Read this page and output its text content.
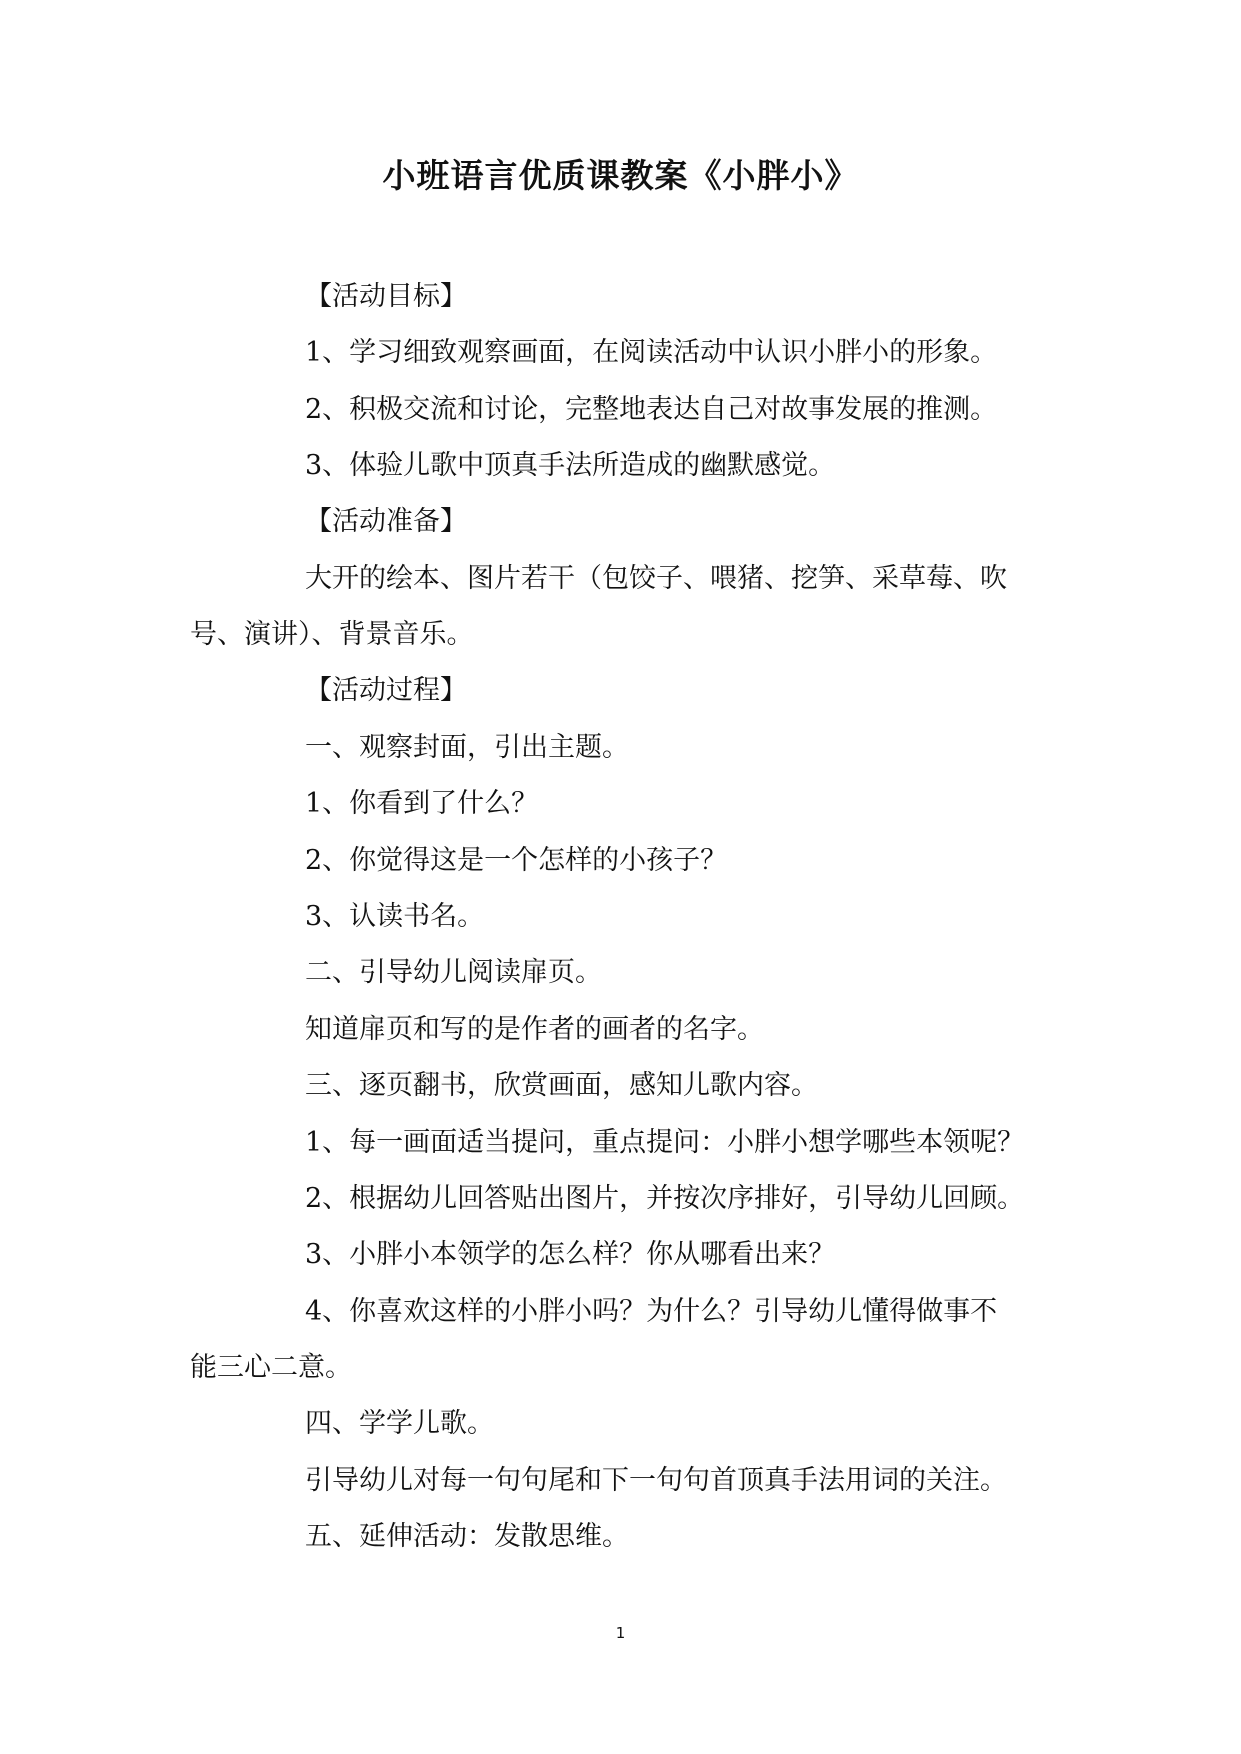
小班语言优质课教案《小胖小》
【活动目标】
1、学习细致观察画面，在阅读活动中认识小胖小的形象。
2、积极交流和讨论，完整地表达自己对故事发展的推测。
3、体验儿歌中顶真手法所造成的幽默感觉。
【活动准备】
大开的绘本、图片若干（包饺子、喂猪、挖笋、采草莓、吹
号、演讲）、背景音乐。
【活动过程】
一、观察封面，引出主题。
1、你看到了什么？
2、你觉得这是一个怎样的小孩子？
3、认读书名。
二、引导幼儿阅读扉页。
知道扉页和写的是作者的画者的名字。
三、逐页翻书，欣赏画面，感知儿歌内容。
1、每一画面适当提问，重点提问：小胖小想学哪些本领呢？
2、根据幼儿回答贴出图片，并按次序排好，引导幼儿回顾。
3、小胖小本领学的怎么样？你从哪看出来？
4、你喜欢这样的小胖小吗？为什么？引导幼儿懂得做事不
能三心二意。
四、学学儿歌。
引导幼儿对每一句句尾和下一句句首顶真手法用词的关注。
五、延伸活动：发散思维。
1
